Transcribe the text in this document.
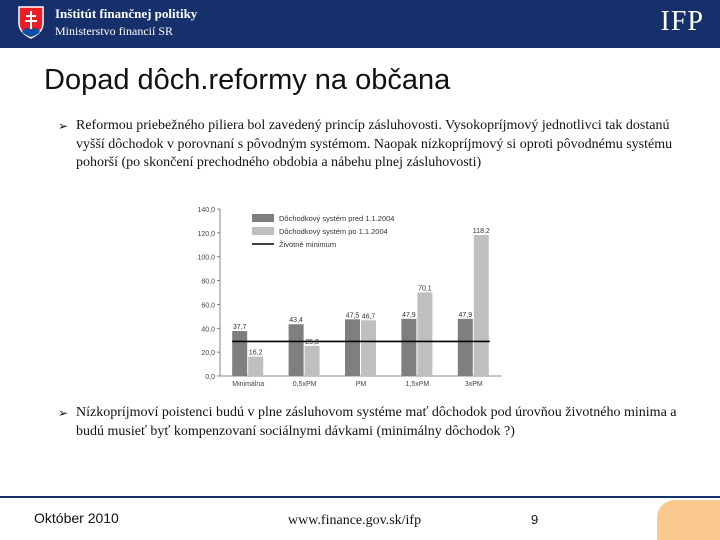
Inštitút finančnej politiky
Ministerstvo financií SR	IFP
Dopad dôch.reformy na občana
➢ Reformou priebežného piliera bol zavedený princíp zásluhovosti. Vysokopríjmový jednotlivci tak dostanú vyšší dôchodok v porovnaní s pôvodným systémom. Naopak nízkopríjmový si oproti pôvodnému systému pohorší (po skončení prechodného obdobia a nábehu plnej zásluhovosti)
0,0
20,0
40,0
60,0
80,0
100,0
120,0
140,0
37,7
16,2
Minimálna
43,4
25,3
0,5xPM
47,5 46,7
PM
47,9
70,1
1,5xPM
47,9
118,2
3xPM
Dôchodkový systém pred 1.1.2004
Dôchodkový systém po 1.1.2004
Životné minimum
➢ Nízkopríjmoví poistenci budú v plne zásluhovom systéme mať dôchodok pod úrovňou životného minima a budú musieť byť kompenzovaní sociálnymi dávkami (minimálny dôchodok ?)
Október 2010	www.finance.gov.sk/ifp	9
